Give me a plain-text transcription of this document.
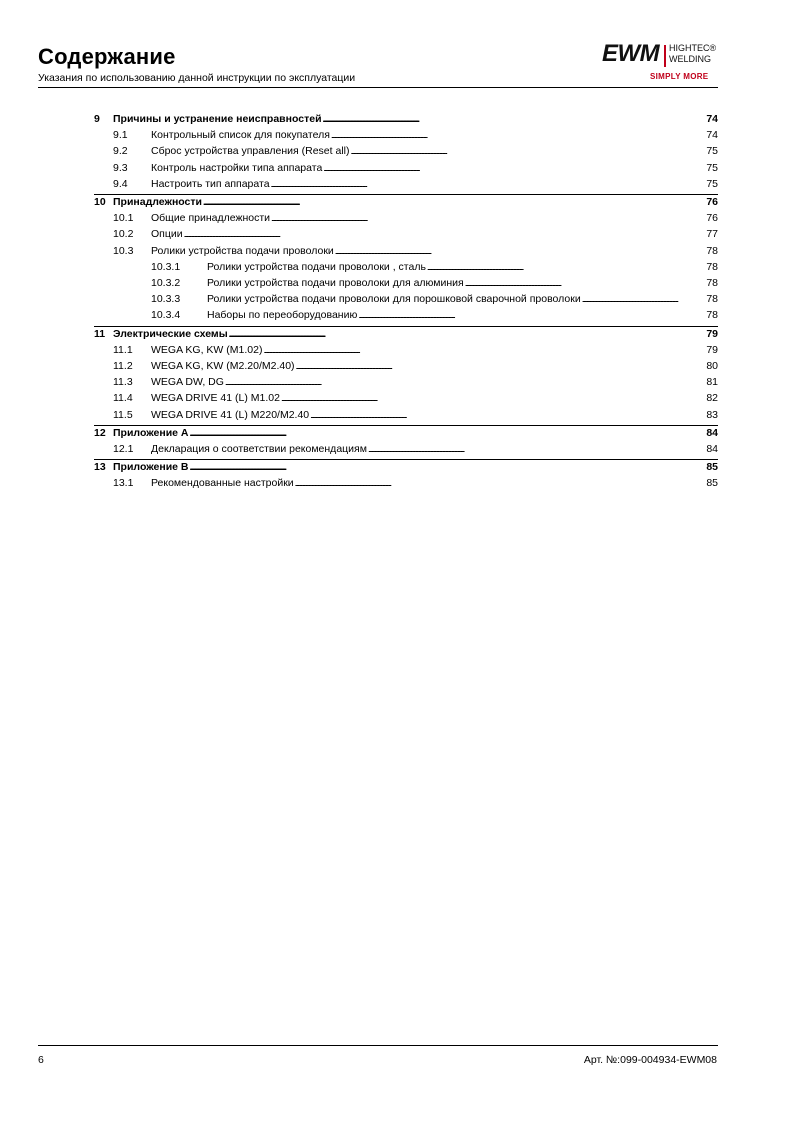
Содержание
Указания по использованию данной инструкции по эксплуатации
EWM HIGHTEC®
WELDING
SIMPLY MORE
9 Причины и устранение неисправностей . . .	74
9.1 Контрольный список для покупателя . . .	74
9.2 Сброс устройства управления (Reset all) . . .	75
9.3 Контроль настройки типа аппарата . . .	75
9.4 Настроить тип аппарата . . .	75
10 Принадлежности . . .	76
10.1 Общие принадлежности . . .	76
10.2 Опции . . .	77
10.3 Ролики устройства подачи проволоки . . .	78
10.3.1	Ролики устройства подачи проволоки , сталь . . .	78
10.3.2	Ролики устройства подачи проволоки для алюминия . . .	78
10.3.3	Ролики устройства подачи проволоки для порошковой сварочной проволоки . . .	78
10.3.4	Наборы по переоборудованию . . .	78
11 Электрические схемы . . .	79
11.1 WEGA KG, KW (M1.02) . . .	79
11.2 WEGA KG, KW (M2.20/M2.40) . . .	80
11.3 WEGA DW, DG . . .	81
11.4 WEGA DRIVE 41 (L) M1.02 . . .	82
11.5 WEGA DRIVE 41 (L) M220/M2.40 . . .	83
12 Приложение A . . .	84
12.1 Декларация о соответствии рекомендациям . . .	84
13 Приложение B . . .	85
13.1 Рекомендованные настройки . . .	85
6	Арт. №:099-004934-EWM08
